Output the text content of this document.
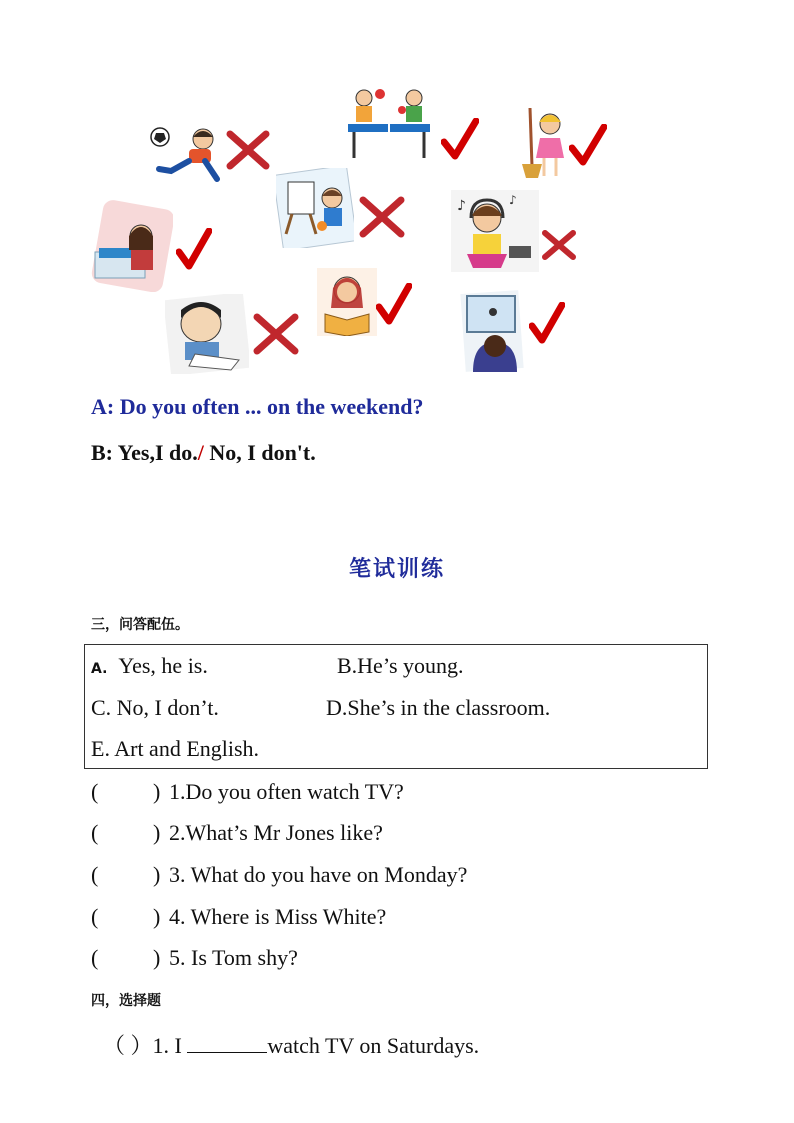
♪	♪
A: Do you often ... on the weekend?
B: Yes,I do./ No, I don't.
笔试训练
三，问答配伍。
A. Yes, he is.	B.He’s young.
C. No, I don’t.	D.She’s in the classroom.
E. Art and English.
( ) 1.Do you often watch TV?
( ) 2.What’s Mr Jones like?
( ) 3. What do you have on Monday?
( ) 4. Where is Miss White?
( ) 5. Is Tom shy?
四，选择题
（ ）1. I	watch TV on Saturdays.
